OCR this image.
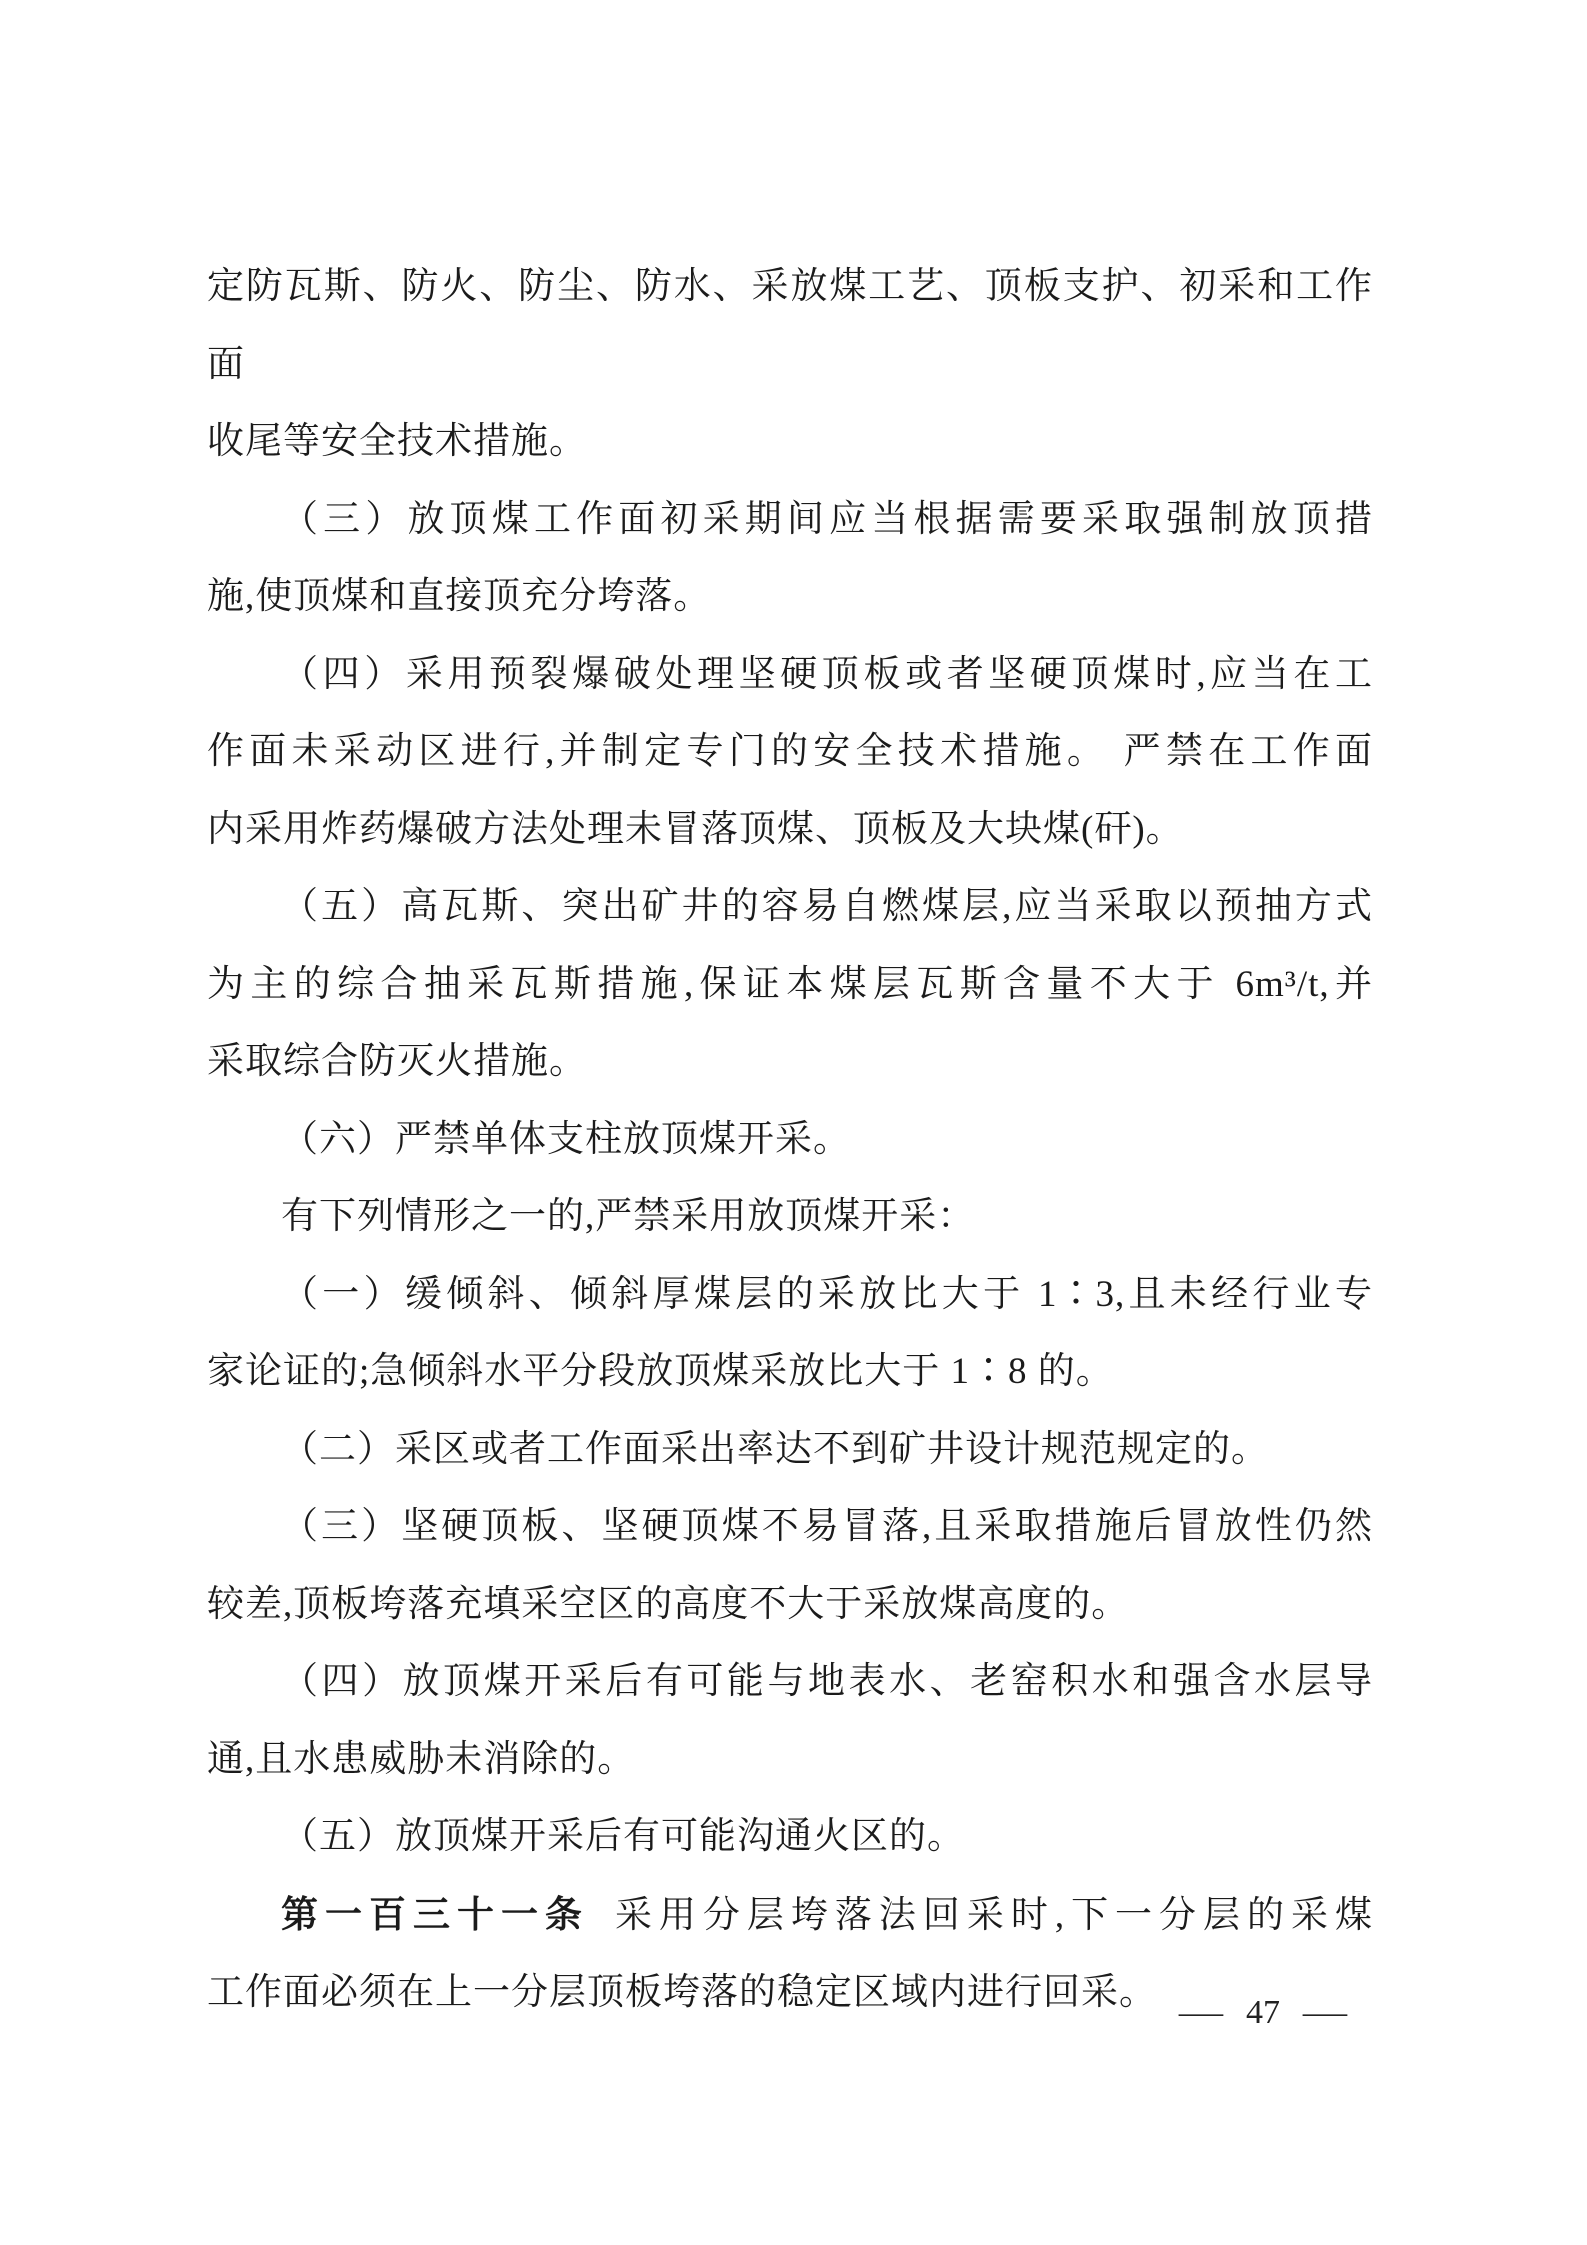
定防瓦斯、防火、防尘、防水、采放煤工艺、顶板支护、初采和工作面
收尾等安全技术措施。
（三）放顶煤工作面初采期间应当根据需要采取强制放顶措
施,使顶煤和直接顶充分垮落。
（四）采用预裂爆破处理坚硬顶板或者坚硬顶煤时,应当在工
作面未采动区进行,并制定专门的安全技术措施。 严禁在工作面
内采用炸药爆破方法处理未冒落顶煤、顶板及大块煤(矸)。
（五）高瓦斯、突出矿井的容易自燃煤层,应当采取以预抽方式
为主的综合抽采瓦斯措施,保证本煤层瓦斯含量不大于 6m³/t,并
采取综合防灭火措施。
（六）严禁单体支柱放顶煤开采。
有下列情形之一的,严禁采用放顶煤开采：
（一）缓倾斜、倾斜厚煤层的采放比大于 1∶3,且未经行业专
家论证的;急倾斜水平分段放顶煤采放比大于 1∶8 的。
（二）采区或者工作面采出率达不到矿井设计规范规定的。
（三）坚硬顶板、坚硬顶煤不易冒落,且采取措施后冒放性仍然
较差,顶板垮落充填采空区的高度不大于采放煤高度的。
（四）放顶煤开采后有可能与地表水、老窑积水和强含水层导
通,且水患威胁未消除的。
（五）放顶煤开采后有可能沟通火区的。
第一百三十一条 采用分层垮落法回采时,下一分层的采煤
工作面必须在上一分层顶板垮落的稳定区域内进行回采。 — 47 —
